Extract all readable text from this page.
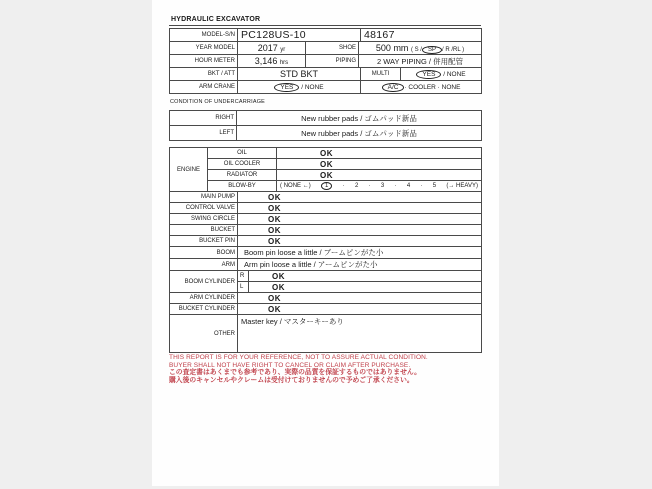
HYDRAULIC EXCAVATOR
MODEL-S/N	PC128US-10			48167	
YEAR MODEL	2017 yr	SHOE	500 mm ( S / SP / R /RL )		
HOUR METER	3,146 hrs	PIPING	2 WAY PIPING / 併用配管		
BKT / ATT	STD BKT			MULTI	YES / NONE
ARM CRANE	YES / NONE			A/C · COOLER · NONE	
CONDITION OF UNDERCARRIAGE
RIGHT	New rubber pads / ゴムパッド新品
LEFT	New rubber pads / ゴムパッド新品
ENGINE	OIL			OK
	OIL COOLER			OK
	RADIATOR			OK
BLOW-BY	( NONE ←)	1	· 2 · 3 · 4 · 5 (→ HEAVY)

MAIN PUMP		OK		
CONTROL VALVE		OK		
SWING CIRCLE		OK		
BUCKET		OK		
BUCKET PIN		OK		
BOOM		Boom pin loose a little / ブームピンがた小		
ARM		Arm pin loose a little / アームピンがた小		
BOOM CYLINDER		R	OK	
		L	OK	
ARM CYLINDER		OK		
BUCKET CYLINDER		OK		
OTHER		Master key / マスターキーあり		
THIS REPORT IS FOR YOUR REFERENCE, NOT TO ASSURE ACTUAL CONDITION.
BUYER SHALL NOT HAVE RIGHT TO CANCEL OR CLAIM AFTER PURCHASE.
この査定書はあくまでも参考であり、実際の品質を保証するものではありません。
購入後のキャンセルやクレームは受付けておりませんので予めご了承ください。
